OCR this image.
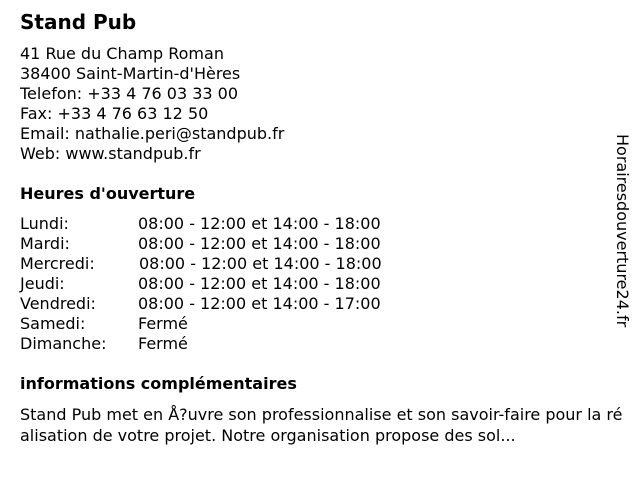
Stand Pub
41 Rue du Champ Roman
38400 Saint-Martin-d'Hères
Telefon: +33 4 76 03 33 00
Fax: +33 4 76 63 12 50
Email: nathalie.peri@standpub.fr
Web: www.standpub.fr
Heures d'ouverture
Lundi:	08:00 - 12:00 et 14:00 - 18:00
Mardi:	08:00 - 12:00 et 14:00 - 18:00
Mercredi:	08:00 - 12:00 et 14:00 - 18:00
Jeudi:	08:00 - 12:00 et 14:00 - 18:00
Vendredi:	08:00 - 12:00 et 14:00 - 17:00
Samedi:	Fermé
Dimanche: Fermé
informations complémentaires
Stand Pub met en Å?uvre son professionnalise et son savoir-faire pour la réalisation de votre projet. Notre organisation propose des sol...
Horairesdouverture24.fr
